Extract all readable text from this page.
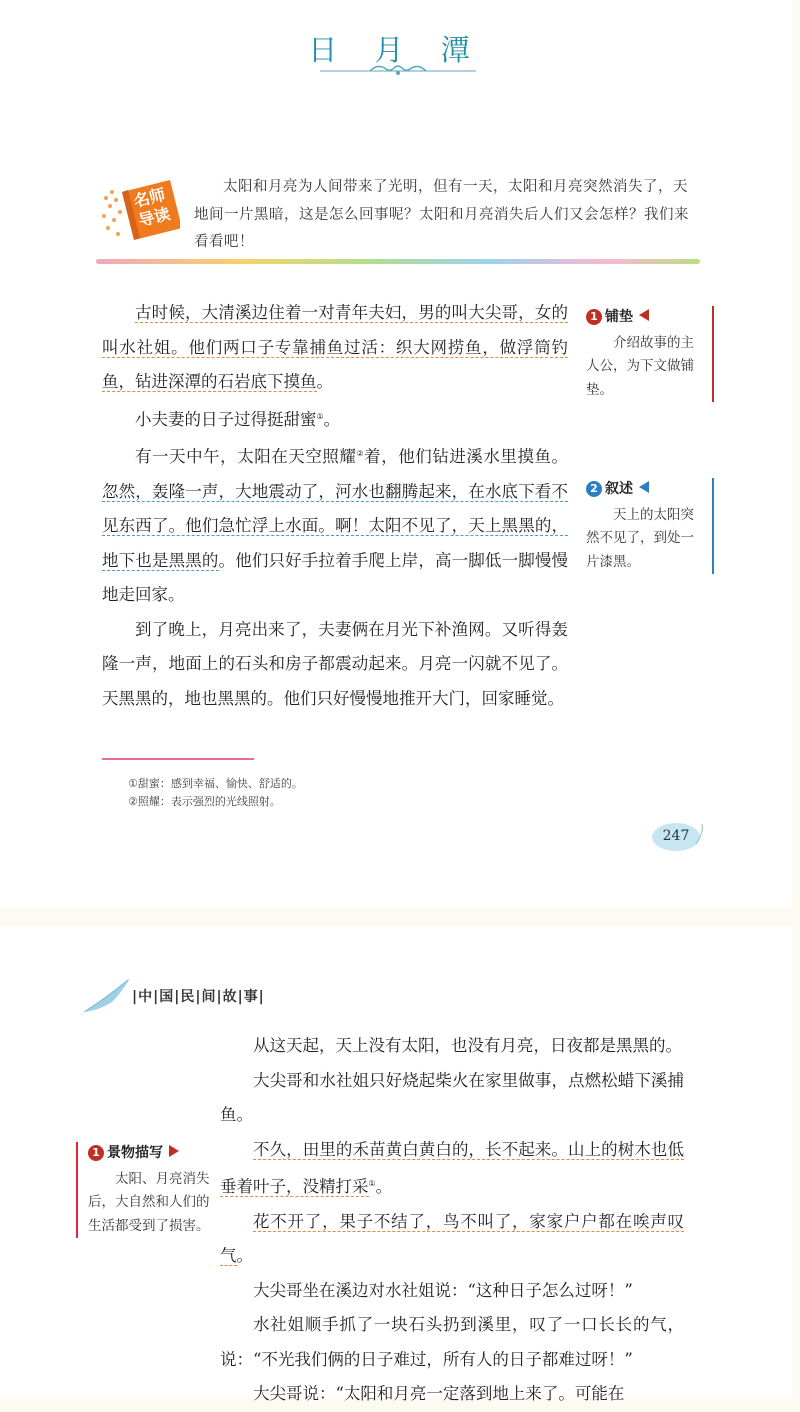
日 月 潭
名师
导读
太阳和月亮为人间带来了光明，但有一天，太阳和月亮突然消失了，天地间一片黑暗，这是怎么回事呢？太阳和月亮消失后人们又会怎样？我们来看看吧！

古时候，大清溪边住着一对青年夫妇，男的叫大尖哥，女的叫水社姐。他们两口子专靠捕鱼过活：织大网捞鱼，做浮筒钓鱼，钻进深潭的石岩底下摸鱼。

小夫妻的日子过得挺甜蜜①。

有一天中午，太阳在天空照耀②着，他们钻进溪水里摸鱼。忽然，轰隆一声，大地震动了，河水也翻腾起来，在水底下看不见东西了。他们急忙浮上水面。啊！太阳不见了，天上黑黑的，地下也是黑黑的。他们只好手拉着手爬上岸，高一脚低一脚慢慢地走回家。

到了晚上，月亮出来了，夫妻俩在月光下补渔网。又听得轰隆一声，地面上的石头和房子都震动起来。月亮一闪就不见了。天黑黑的，地也黑黑的。他们只好慢慢地推开大门，回家睡觉。

1 铺垫
介绍故事的主人公，为下文做铺垫。
2 叙述
天上的太阳突然不见了，到处一片漆黑。
①甜蜜：感到幸福、愉快、舒适的。
②照耀：表示强烈的光线照射。
247
|中|国|民|间|故|事|

从这天起，天上没有太阳，也没有月亮，日夜都是黑黑的。

大尖哥和水社姐只好烧起柴火在家里做事，点燃松蜡下溪捕鱼。

不久，田里的禾苗黄白黄白的，长不起来。山上的树木也低垂着叶子，没精打采①。

花不开了，果子不结了，鸟不叫了，家家户户都在唉声叹气。

大尖哥坐在溪边对水社姐说：“这种日子怎么过呀！”

水社姐顺手抓了一块石头扔到溪里，叹了一口长长的气，说：“不光我们俩的日子难过，所有人的日子都难过呀！”

大尖哥说：“太阳和月亮一定落到地上来了。可能在

1 景物描写
太阳、月亮消失后，大自然和人们的生活都受到了损害。
